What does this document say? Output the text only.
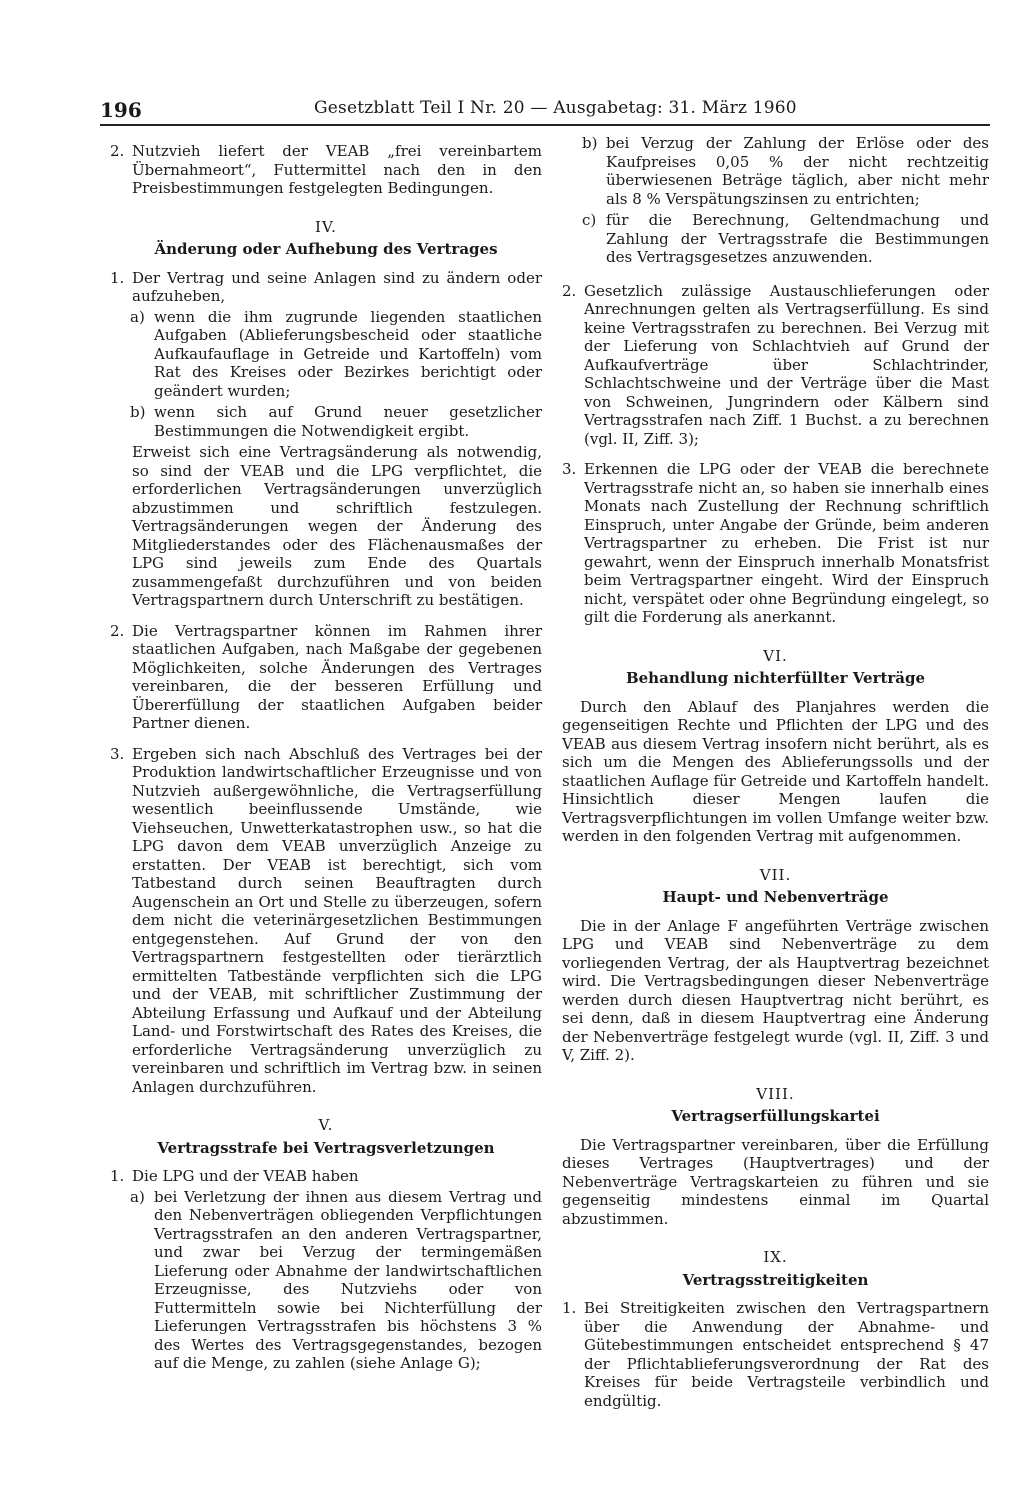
196	Gesetzblatt Teil I Nr. 20 — Ausgabetag: 31. März 1960
2. Nutzvieh liefert der VEAB „frei vereinbartem Übernahmeort“, Futtermittel nach den in den Preisbestimmungen festgelegten Bedingungen.
IV.
Änderung oder Aufhebung des Vertrages
1. Der Vertrag und seine Anlagen sind zu ändern oder aufzuheben,
a) wenn die ihm zugrunde liegenden staatlichen Aufgaben (Ablieferungsbescheid oder staatliche Aufkaufauflage in Getreide und Kartoffeln) vom Rat des Kreises oder Bezirkes berichtigt oder geändert wurden;
b) wenn sich auf Grund neuer gesetzlicher Bestimmungen die Notwendigkeit ergibt.
Erweist sich eine Vertragsänderung als notwendig, so sind der VEAB und die LPG verpflichtet, die erforderlichen Vertragsänderungen unverzüglich abzustimmen und schriftlich festzulegen. Vertragsänderungen wegen der Änderung des Mitgliederstandes oder des Flächenausmaßes der LPG sind jeweils zum Ende des Quartals zusammengefaßt durchzuführen und von beiden Vertragspartnern durch Unterschrift zu bestätigen.
2. Die Vertragspartner können im Rahmen ihrer staatlichen Aufgaben, nach Maßgabe der gegebenen Möglichkeiten, solche Änderungen des Vertrages vereinbaren, die der besseren Erfüllung und Übererfüllung der staatlichen Aufgaben beider Partner dienen.
3. Ergeben sich nach Abschluß des Vertrages bei der Produktion landwirtschaftlicher Erzeugnisse und von Nutzvieh außergewöhnliche, die Vertragserfüllung wesentlich beeinflussende Umstände, wie Viehseuchen, Unwetterkatastrophen usw., so hat die LPG davon dem VEAB unverzüglich Anzeige zu erstatten. Der VEAB ist berechtigt, sich vom Tatbestand durch seinen Beauftragten durch Augenschein an Ort und Stelle zu überzeugen, sofern dem nicht die veterinärgesetzlichen Bestimmungen entgegenstehen. Auf Grund der von den Vertragspartnern festgestellten oder tierärztlich ermittelten Tatbestände verpflichten sich die LPG und der VEAB, mit schriftlicher Zustimmung der Abteilung Erfassung und Aufkauf und der Abteilung Land- und Forstwirtschaft des Rates des Kreises, die erforderliche Vertragsänderung unverzüglich zu vereinbaren und schriftlich im Vertrag bzw. in seinen Anlagen durchzuführen.
V.
Vertragsstrafe bei Vertragsverletzungen
1. Die LPG und der VEAB haben
a) bei Verletzung der ihnen aus diesem Vertrag und den Nebenverträgen obliegenden Verpflichtungen Vertragsstrafen an den anderen Vertragspartner, und zwar bei Verzug der termingemäßen Lieferung oder Abnahme der landwirtschaftlichen Erzeugnisse, des Nutzviehs oder von Futtermitteln sowie bei Nichterfüllung der Lieferungen Vertragsstrafen bis höchstens 3 % des Wertes des Vertragsgegenstandes, bezogen auf die Menge, zu zahlen (siehe Anlage G);
b) bei Verzug der Zahlung der Erlöse oder des Kaufpreises 0,05 % der nicht rechtzeitig überwiesenen Beträge täglich, aber nicht mehr als 8 % Verspätungszinsen zu entrichten;
c) für die Berechnung, Geltendmachung und Zahlung der Vertragsstrafe die Bestimmungen des Vertragsgesetzes anzuwenden.
2. Gesetzlich zulässige Austauschlieferungen oder Anrechnungen gelten als Vertragserfüllung. Es sind keine Vertragsstrafen zu berechnen. Bei Verzug mit der Lieferung von Schlachtvieh auf Grund der Aufkaufverträge über Schlachtrinder, Schlachtschweine und der Verträge über die Mast von Schweinen, Jungrindern oder Kälbern sind Vertragsstrafen nach Ziff. 1 Buchst. a zu berechnen (vgl. II, Ziff. 3);
3. Erkennen die LPG oder der VEAB die berechnete Vertragsstrafe nicht an, so haben sie innerhalb eines Monats nach Zustellung der Rechnung schriftlich Einspruch, unter Angabe der Gründe, beim anderen Vertragspartner zu erheben. Die Frist ist nur gewahrt, wenn der Einspruch innerhalb Monatsfrist beim Vertragspartner eingeht. Wird der Einspruch nicht, verspätet oder ohne Begründung eingelegt, so gilt die Forderung als anerkannt.
VI.
Behandlung nichterfüllter Verträge
Durch den Ablauf des Planjahres werden die gegenseitigen Rechte und Pflichten der LPG und des VEAB aus diesem Vertrag insofern nicht berührt, als es sich um die Mengen des Ablieferungssolls und der staatlichen Auflage für Getreide und Kartoffeln handelt. Hinsichtlich dieser Mengen laufen die Vertragsverpflichtungen im vollen Umfange weiter bzw. werden in den folgenden Vertrag mit aufgenommen.
VII.
Haupt- und Nebenverträge
Die in der Anlage F angeführten Verträge zwischen LPG und VEAB sind Nebenverträge zu dem vorliegenden Vertrag, der als Hauptvertrag bezeichnet wird. Die Vertragsbedingungen dieser Nebenverträge werden durch diesen Hauptvertrag nicht berührt, es sei denn, daß in diesem Hauptvertrag eine Änderung der Nebenverträge festgelegt wurde (vgl. II, Ziff. 3 und V, Ziff. 2).
VIII.
Vertragserfüllungskartei
Die Vertragspartner vereinbaren, über die Erfüllung dieses Vertrages (Hauptvertrages) und der Nebenverträge Vertragskarteien zu führen und sie gegenseitig mindestens einmal im Quartal abzustimmen.
IX.
Vertragsstreitigkeiten
1. Bei Streitigkeiten zwischen den Vertragspartnern über die Anwendung der Abnahme- und Gütebestimmungen entscheidet entsprechend § 47 der Pflichtablieferungsverordnung der Rat des Kreises für beide Vertragsteile verbindlich und endgültig.
